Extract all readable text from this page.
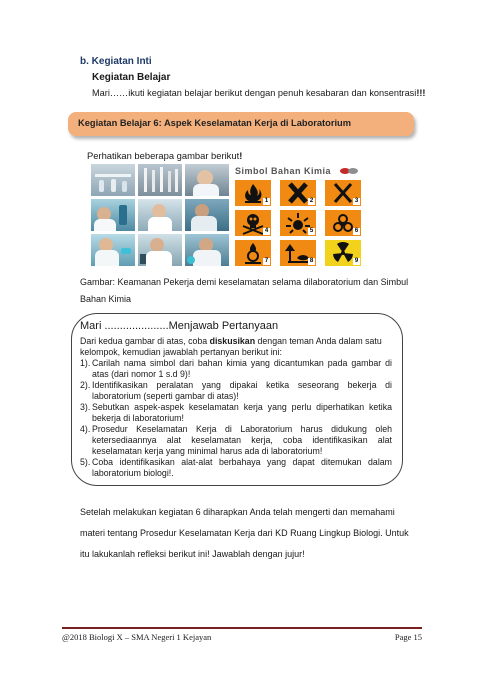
b. Kegiatan Inti
Kegiatan Belajar
Mari……ikuti kegiatan belajar berikut dengan penuh kesabaran dan konsentrasi!!!
Kegiatan Belajar 6: Aspek Keselamatan Kerja di Laboratorium
Perhatikan beberapa gambar berikut!
Simbol Bahan Kimia
1	2	3
4	5	6
7	8	9
Gambar: Keamanan Pekerja demi keselamatan selama dilaboratorium dan Simbul Bahan Kimia
Mari .....................Menjawab Pertanyaan

Dari kedua gambar di atas, coba diskusikan dengan teman Anda dalam satu kelompok, kemudian jawablah pertanyan berikut ini:

1). Carilah nama simbol dari bahan kimia yang dicantumkan pada gambar di atas (dari nomor 1 s.d 9)!
2). Identifikasikan peralatan yang dipakai ketika seseorang bekerja di laboratorium (seperti gambar di atas)!
3). Sebutkan aspek-aspek keselamatan kerja yang perlu diperhatikan ketika bekerja di laboratorium!
4). Prosedur Keselamatan Kerja di Laboratorium harus didukung oleh ketersediaannya alat keselamatan kerja, coba identifikasikan alat keselamatan kerja yang minimal harus ada di laboratorium!
5). Coba identifikasikan alat-alat berbahaya yang dapat ditemukan dalam laboratorium biologi!.
Setelah melakukan kegiatan 6 diharapkan Anda telah mengerti dan memahami materi tentang Prosedur Keselamatan Kerja dari KD Ruang Lingkup Biologi. Untuk itu lakukanlah refleksi berikut ini! Jawablah dengan jujur!
@2018 Biologi X – SMA Negeri 1 Kejayan	Page 15
